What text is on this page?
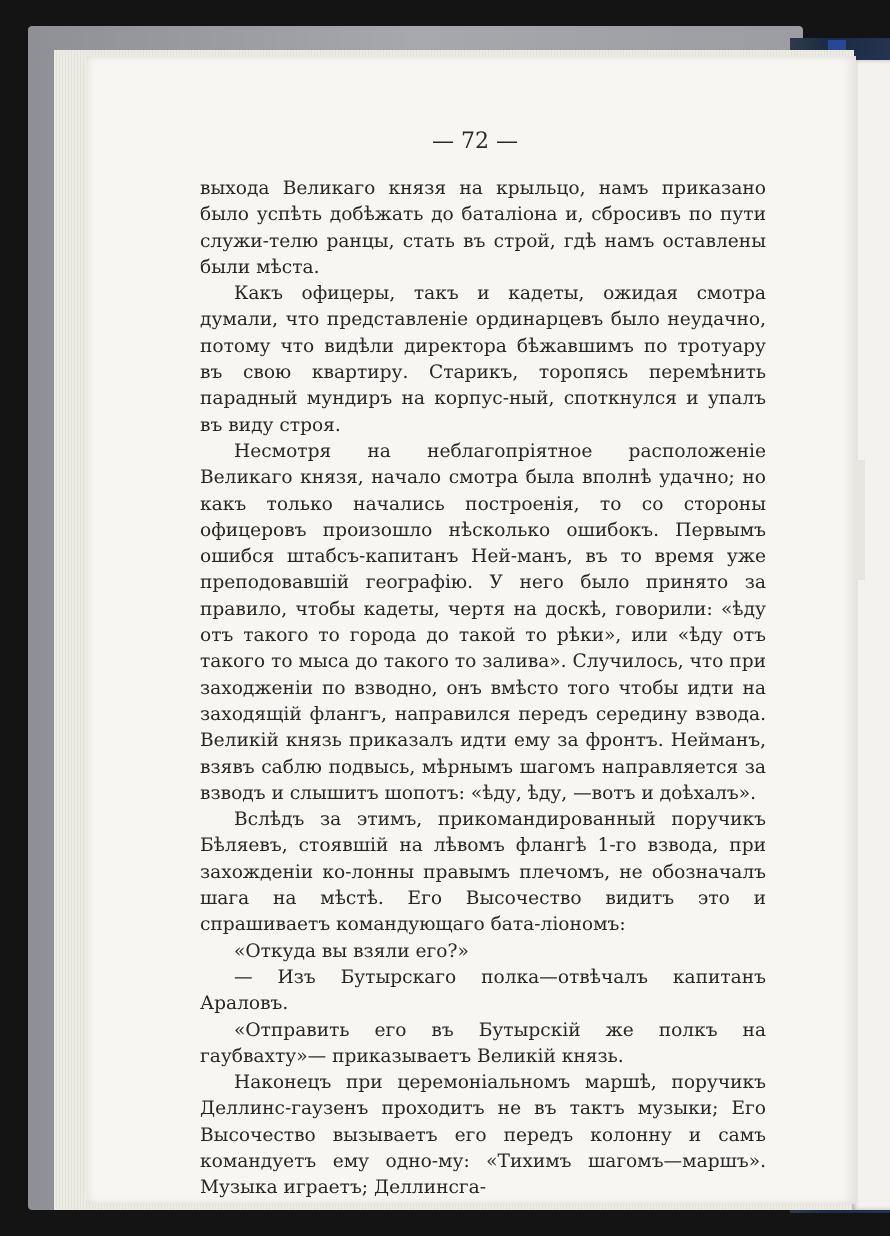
— 72 —

выхода Великаго князя на крыльцо, намъ приказано было успѣть добѣжать до баталіона и, сбросивъ по пути служи-телю ранцы, стать въ строй, гдѣ намъ оставлены были мѣста.

Какъ офицеры, такъ и кадеты, ожидая смотра думали, что представленіе ординарцевъ было неудачно, потому что видѣли директора бѣжавшимъ по тротуару въ свою квартиру. Старикъ, торопясь перемѣнить парадный мундиръ на корпус-ный, споткнулся и упалъ въ виду строя.

Несмотря на неблагопріятное расположеніе Великаго князя, начало смотра была вполнѣ удачно; но какъ только начались построенія, то со стороны офицеровъ произошло нѣсколько ошибокъ. Первымъ ошибся штабсъ-капитанъ Ней-манъ, въ то время уже преподовавшій географію. У него было принято за правило, чтобы кадеты, чертя на доскѣ, говорили: «ѣду отъ такого то города до такой то рѣки», или «ѣду отъ такого то мыса до такого то залива». Случилось, что при заходженіи по взводно, онъ вмѣсто того чтобы идти на заходящій флангъ, направился передъ середину взвода. Великій князь приказалъ идти ему за фронтъ. Нейманъ, взявъ саблю подвысь, мѣрнымъ шагомъ направляется за взводъ и слышитъ шопотъ: «ѣду, ѣду, —вотъ и доѣхалъ».

Вслѣдъ за этимъ, прикомандированный поручикъ Бѣляевъ, стоявшій на лѣвомъ флангѣ 1-го взвода, при захожденіи ко-лонны правымъ плечомъ, не обозначалъ шага на мѣстѣ. Его Высочество видитъ это и спрашиваетъ командующаго бата-ліономъ:

«Откуда вы взяли его?»

— Изъ Бутырскаго полка—отвѣчалъ капитанъ Араловъ.

«Отправить его въ Бутырскій же полкъ на гаубвахту»— приказываетъ Великій князь.

Наконецъ при церемоніальномъ маршѣ, поручикъ Деллинс-гаузенъ проходитъ не въ тактъ музыки; Его Высочество вызываетъ его передъ колонну и самъ командуетъ ему одно-му: «Тихимъ шагомъ—маршъ». Музыка играетъ; Деллинсга-
